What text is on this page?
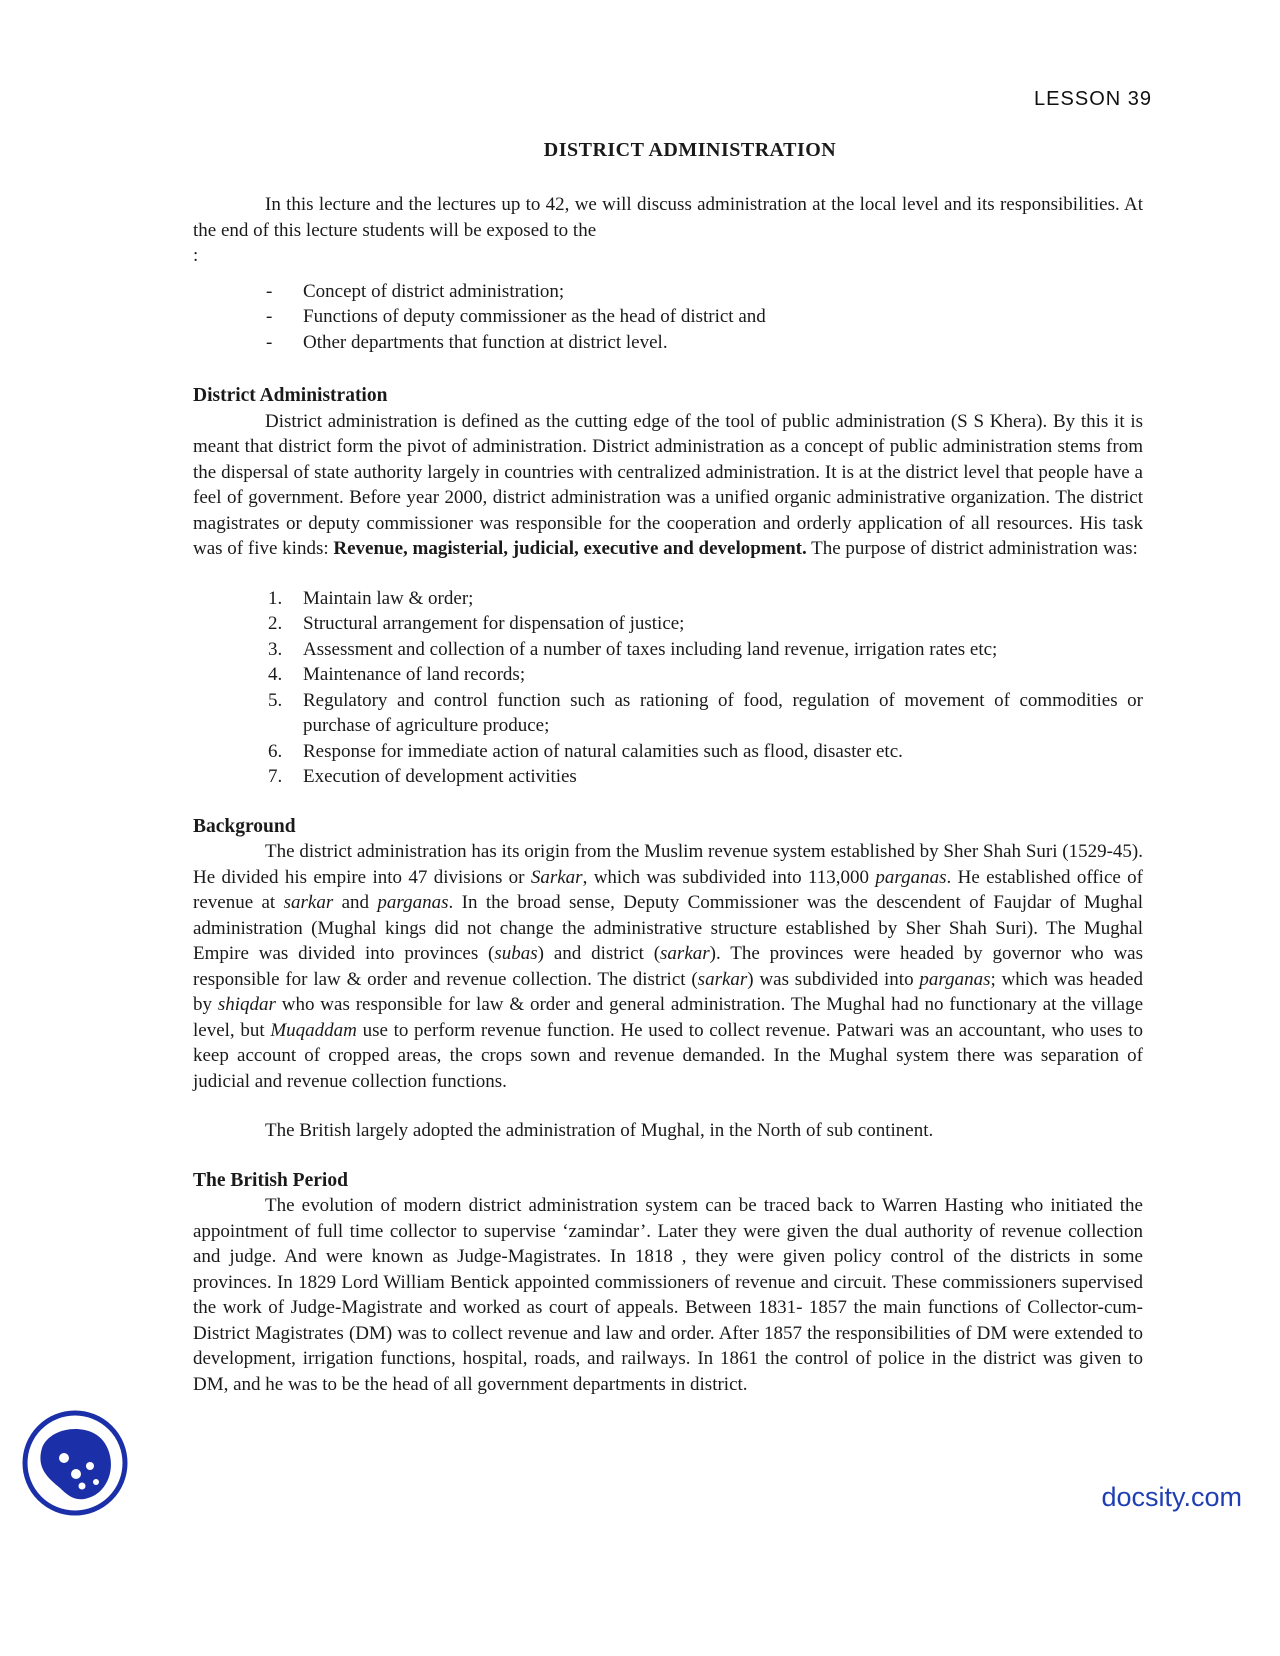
LESSON 39
DISTRICT ADMINISTRATION

In this lecture and the lectures up to 42, we will discuss administration at the local level and its responsibilities. At the end of this lecture students will be exposed to the

:

- Concept of district administration;
- Functions of deputy commissioner as the head of district and
- Other departments that function at district level.
District Administration

District administration is defined as the cutting edge of the tool of public administration (S S Khera). By this it is meant that district form the pivot of administration. District administration as a concept of public administration stems from the dispersal of state authority largely in countries with centralized administration. It is at the district level that people have a feel of government. Before year 2000, district administration was a unified organic administrative organization. The district magistrates or deputy commissioner was responsible for the cooperation and orderly application of all resources. His task was of five kinds: Revenue, magisterial, judicial, executive and development. The purpose of district administration was:

1. Maintain law & order;
2. Structural arrangement for dispensation of justice;
3. Assessment and collection of a number of taxes including land revenue, irrigation rates etc;
4. Maintenance of land records;
5. Regulatory and control function such as rationing of food, regulation of movement of commodities or purchase of agriculture produce;
6. Response for immediate action of natural calamities such as flood, disaster etc.
7. Execution of development activities
Background

The district administration has its origin from the Muslim revenue system established by Sher Shah Suri (1529-45). He divided his empire into 47 divisions or Sarkar, which was subdivided into 113,000 parganas. He established office of revenue at sarkar and parganas. In the broad sense, Deputy Commissioner was the descendent of Faujdar of Mughal administration (Mughal kings did not change the administrative structure established by Sher Shah Suri). The Mughal Empire was divided into provinces (subas) and district (sarkar). The provinces were headed by governor who was responsible for law & order and revenue collection. The district (sarkar) was subdivided into parganas; which was headed by shiqdar who was responsible for law & order and general administration. The Mughal had no functionary at the village level, but Muqaddam use to perform revenue function. He used to collect revenue. Patwari was an accountant, who uses to keep account of cropped areas, the crops sown and revenue demanded. In the Mughal system there was separation of judicial and revenue collection functions.

The British largely adopted the administration of Mughal, in the North of sub continent.

The British Period

The evolution of modern district administration system can be traced back to Warren Hasting who initiated the appointment of full time collector to supervise ‘zamindar’. Later they were given the dual authority of revenue collection and judge. And were known as Judge-Magistrates. In 1818 , they were given policy control of the districts in some provinces. In 1829 Lord William Bentick appointed commissioners of revenue and circuit. These commissioners supervised the work of Judge-Magistrate and worked as court of appeals. Between 1831- 1857 the main functions of Collector-cum-District Magistrates (DM) was to collect revenue and law and order. After 1857 the responsibilities of DM were extended to development, irrigation functions, hospital, roads, and railways. In 1861 the control of police in the district was given to DM, and he was to be the head of all government departments in district.

docsity.com
